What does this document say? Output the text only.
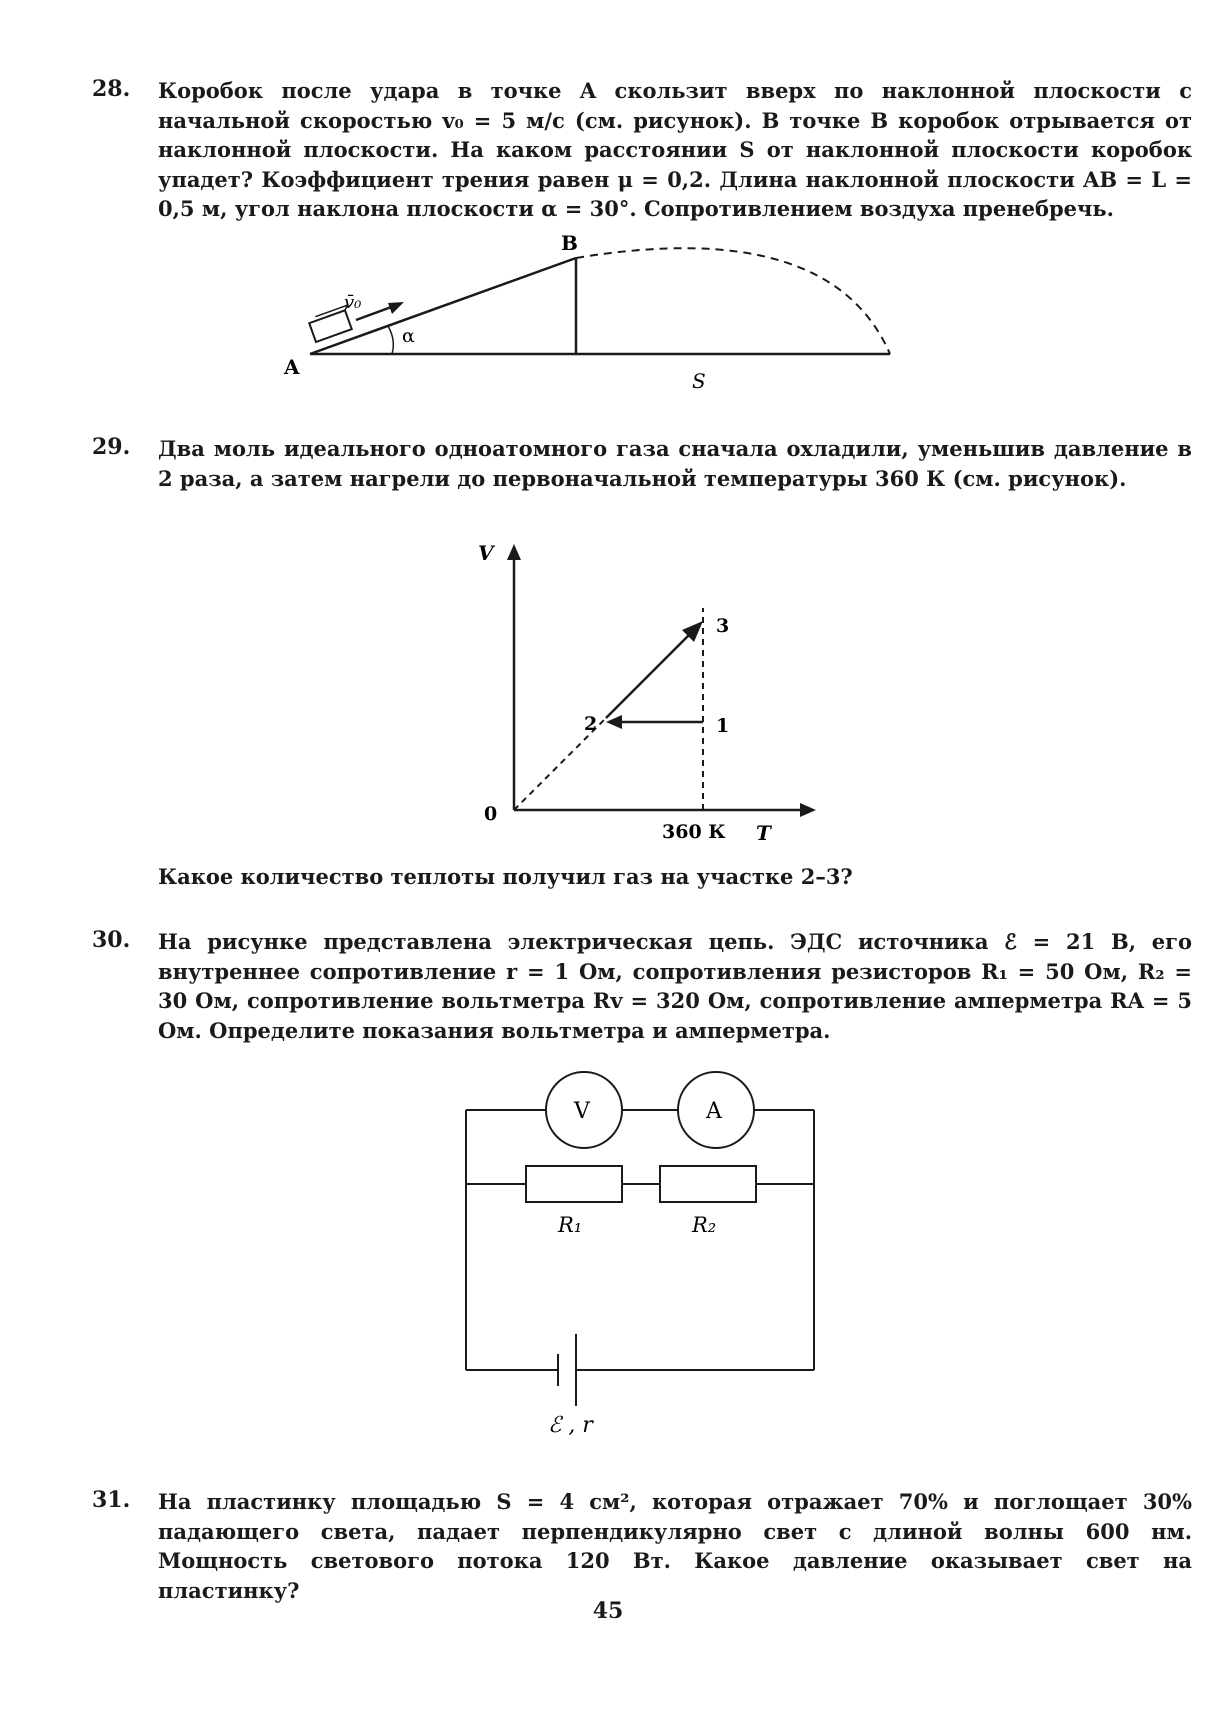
28. Коробок после удара в точке A скользит вверх по наклонной плоскости с начальной скоростью v₀ = 5 м/с (см. рисунок). В точке B коробок отрывается от наклонной плоскости. На каком расстоянии S от наклонной плоскости коробок упадет? Коэффициент трения равен μ = 0,2. Длина наклонной плоскости AB = L = 0,5 м, угол наклона плоскости α = 30°. Сопротивлением воздуха пренебречь.
v̄₀
α
A
B
S
29. Два моль идеального одноатомного газа сначала охладили, уменьшив давление в 2 раза, а затем нагрели до первоначальной температуры 360 К (см. рисунок).
V
0
360 К T
3
1
2
Какое количество теплоты получил газ на участке 2–3?
30. На рисунке представлена электрическая цепь. ЭДС источника ℰ = 21 В, его внутреннее сопротивление r = 1 Ом, сопротивления резисторов R₁ = 50 Ом, R₂ = 30 Ом, сопротивление вольтметра Rv = 320 Ом, сопротивление амперметра RA = 5 Ом. Определите показания вольтметра и амперметра.
V	A
R₁	R₂
ℰ , r
31. На пластинку площадью S = 4 см², которая отражает 70% и поглощает 30% падающего света, падает перпендикулярно свет с длиной волны 600 нм. Мощность светового потока 120 Вт. Какое давление оказывает свет на пластинку?
45
